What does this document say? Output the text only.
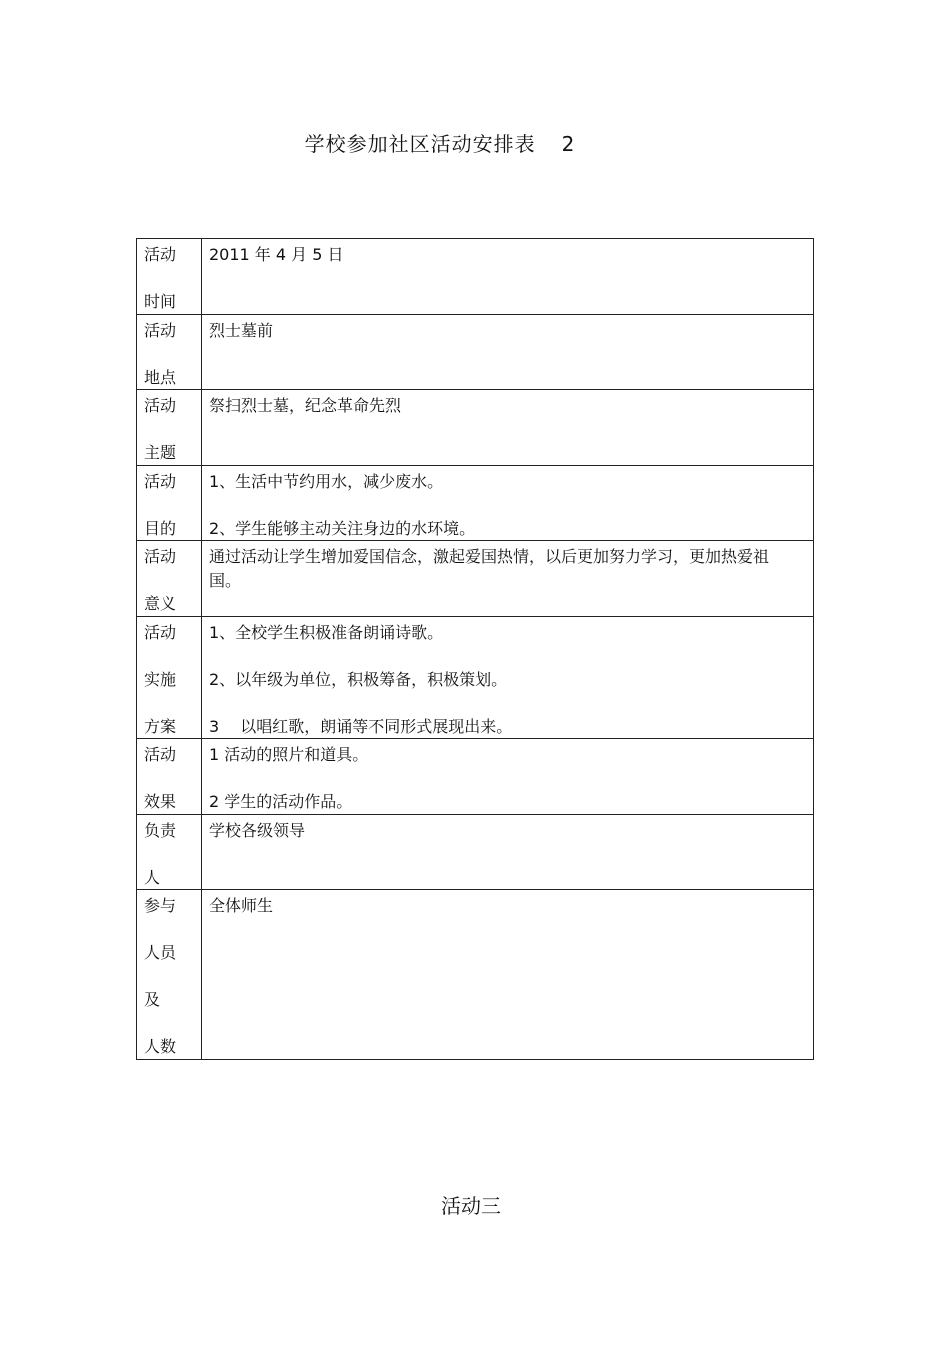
学校参加社区活动安排表 2
活动
时间	2011 年 4 月 5 日

活动
地点	烈士墓前

活动
主题	祭扫烈士墓，纪念革命先烈

活动
目的	1、生活中节约用水，减少废水。
2、学生能够主动关注身边的水环境。

活动
意义	通过活动让学生增加爱国信念，激起爱国热情，以后更加努力学习，更加热爱祖国。

活动
实施
方案	1、全校学生积极准备朗诵诗歌。
2、以年级为单位，积极筹备，积极策划。
3　 以唱红歌，朗诵等不同形式展现出来。

活动
效果	1 活动的照片和道具。
2 学生的活动作品。

负责
人	学校各级领导

参与
人员
及
人数	全体师生
活动三
